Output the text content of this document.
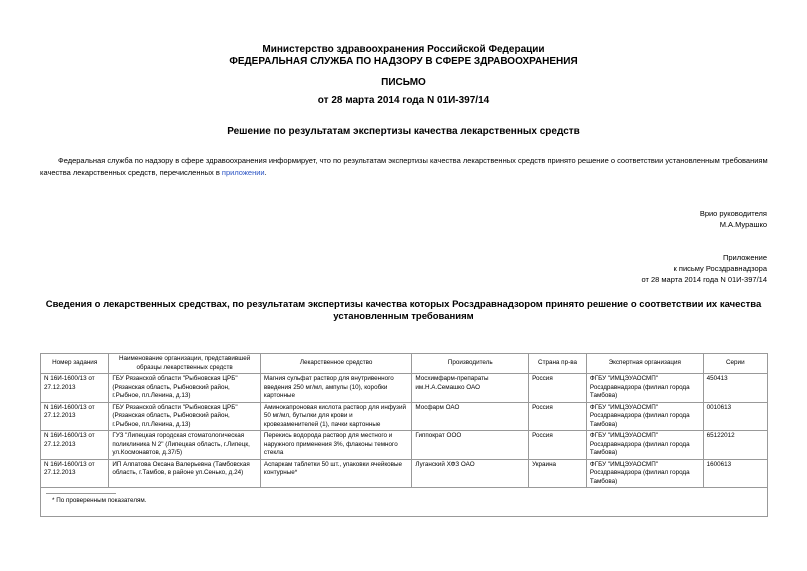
Министерство здравоохранения Российской Федерации
ФЕДЕРАЛЬНАЯ СЛУЖБА ПО НАДЗОРУ В СФЕРЕ ЗДРАВООХРАНЕНИЯ
ПИСЬМО
от 28 марта 2014 года N 01И-397/14
Решение по результатам экспертизы качества лекарственных средств
Федеральная служба по надзору в сфере здравоохранения информирует, что по результатам экспертизы качества лекарственных средств принято решение о соответствии установленным требованиям качества лекарственных средств, перечисленных в приложении.
Врио руководителя
М.А.Мурашко
Приложение
к письму Росздравнадзора
от 28 марта 2014 года N 01И-397/14
Сведения о лекарственных средствах, по результатам экспертизы качества которых Росздравнадзором принято решение о соответствии их качества установленным требованиям
Номер задания	Наименование организации, представившей образцы лекарственных средств	Лекарственное средство	Производитель	Страна пр-ва	Экспертная организация	Серии
N 16И-1600/13 от 27.12.2013	ГБУ Рязанской области "Рыбновская ЦРБ" (Рязанская область, Рыбновский район, г.Рыбное, пл.Ленина, д.13)	Магния сульфат раствор для внутривенного введения 250 мг/мл, ампулы (10), коробки картонные	Мосхимфарм-препараты им.Н.А.Семашко ОАО	Россия	ФГБУ "ИМЦЭУАОСМП" Росздравнадзора (филиал города Тамбова)	450413
N 16И-1600/13 от 27.12.2013	ГБУ Рязанской области "Рыбновская ЦРБ" (Рязанская область, Рыбновский район, г.Рыбное, пл.Ленина, д.13)	Аминокапроновая кислота раствор для инфузий 50 мг/мл, бутылки для крови и кровезаменителей (1), пачки картонные	Мосфарм ОАО	Россия	ФГБУ "ИМЦЭУАОСМП" Росздравнадзора (филиал города Тамбова)	0010613
N 16И-1600/13 от 27.12.2013	ГУЗ "Липецкая городская стоматологическая поликлиника N 2" (Липецкая область, г.Липецк, ул.Космонавтов, д.37/5)	Перекись водорода раствор для местного и наружного применения 3%, флаконы темного стекла	Гиппократ ООО	Россия	ФГБУ "ИМЦЭУАОСМП" Росздравнадзора (филиал города Тамбова)	65122012
N 16И-1600/13 от 27.12.2013	ИП Алпатова Оксана Валерьевна (Тамбовская область, г.Тамбов, в районе ул.Сенько, д.24)	Аспаркам таблетки 50 шт., упаковки ячейковые контурные*	Луганский ХФЗ ОАО	Украина	ФГБУ "ИМЦЭУАОСМП" Росздравнадзора (филиал города Тамбова)	1600613
* По проверенным показателям.
